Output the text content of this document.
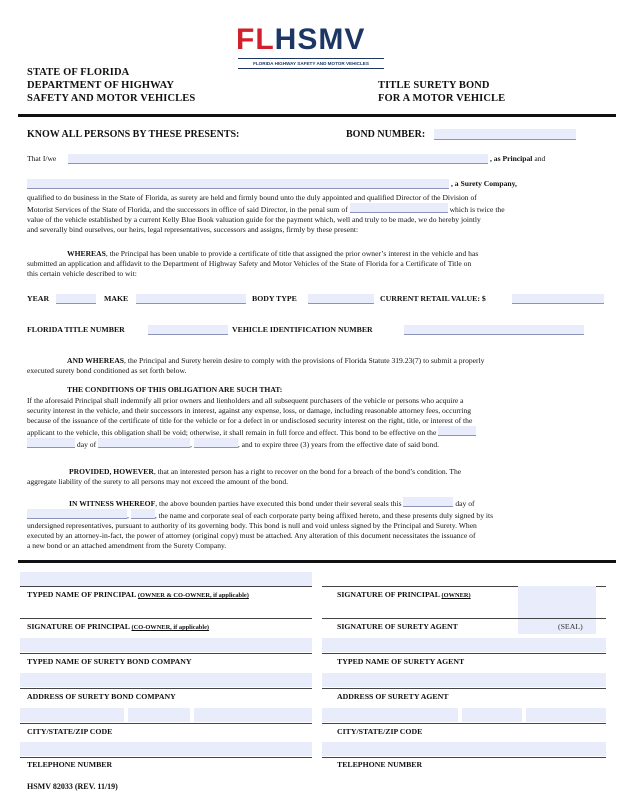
FLHSMV
FLORIDA HIGHWAY SAFETY AND MOTOR VEHICLES
STATE OF FLORIDA
DEPARTMENT OF HIGHWAY
SAFETY AND MOTOR VEHICLES
TITLE SURETY BOND
FOR A MOTOR VEHICLE
KNOW ALL PERSONS BY THESE PRESENTS:	BOND NUMBER:
That I/we	, as Principal and
, a Surety Company,
qualified to do business in the State of Florida, as surety are held and firmly bound unto the duly appointed and qualified Director of the Division of
Motorist Services of the State of Florida, and the successors in office of said Director, in the penal sum of	which is twice the
value of the vehicle established by a current Kelly Blue Book valuation guide for the payment which, well and truly to be made, we do hereby jointly
and severally bind ourselves, our heirs, legal representatives, successors and assigns, firmly by these present:
WHEREAS, the Principal has been unable to provide a certificate of title that assigned the prior owner’s interest in the vehicle and has
submitted an application and affidavit to the Department of Highway Safety and Motor Vehicles of the State of Florida for a Certificate of Title on
this certain vehicle described to wit:
YEAR	MAKE	BODY TYPE	CURRENT RETAIL VALUE: $
FLORIDA TITLE NUMBER	VEHICLE IDENTIFICATION NUMBER
AND WHEREAS, the Principal and Surety herein desire to comply with the provisions of Florida Statute 319.23(7) to submit a properly
executed surety bond conditioned as set forth below.
THE CONDITIONS OF THIS OBLIGATION ARE SUCH THAT:
If the aforesaid Principal shall indemnify all prior owners and lienholders and all subsequent purchasers of the vehicle or persons who acquire a
security interest in the vehicle, and their successors in interest, against any expense, loss, or damage, including reasonable attorney fees, occurring
because of the issuance of the certificate of title for the vehicle or for a defect in or undisclosed security interest on the right, title, or interest of the
applicant to the vehicle, this obligation shall be void; otherwise, it shall remain in full force and effect. This bond to be effective on the
day of	,	, and to expire three (3) years from the effective date of said bond.
PROVIDED, HOWEVER, that an interested person has a right to recover on the bond for a breach of the bond’s condition. The
aggregate liability of the surety to all persons may not exceed the amount of the bond.
IN WITNESS WHEREOF, the above bounden parties have executed this bond under their several seals this	day of
,	, the name and corporate seal of each corporate party being affixed hereto, and these presents duly signed by its
undersigned representatives, pursuant to authority of its governing body. This bond is null and void unless signed by the Principal and Surety. When
executed by an attorney-in-fact, the power of attorney (original copy) must be attached. Any alteration of this document necessitates the issuance of
a new bond or an attached amendment from the Surety Company.
TYPED NAME OF PRINCIPAL (OWNER & CO-OWNER, if applicable)
SIGNATURE OF PRINCIPAL (CO-OWNER, if applicable)
TYPED NAME OF SURETY BOND COMPANY
ADDRESS OF SURETY BOND COMPANY
CITY/STATE/ZIP CODE
TELEPHONE NUMBER
SIGNATURE OF PRINCIPAL (OWNER)
SIGNATURE OF SURETY AGENT	(SEAL)
TYPED NAME OF SURETY AGENT
ADDRESS OF SURETY AGENT
CITY/STATE/ZIP CODE
TELEPHONE NUMBER
HSMV 82033 (REV. 11/19)
